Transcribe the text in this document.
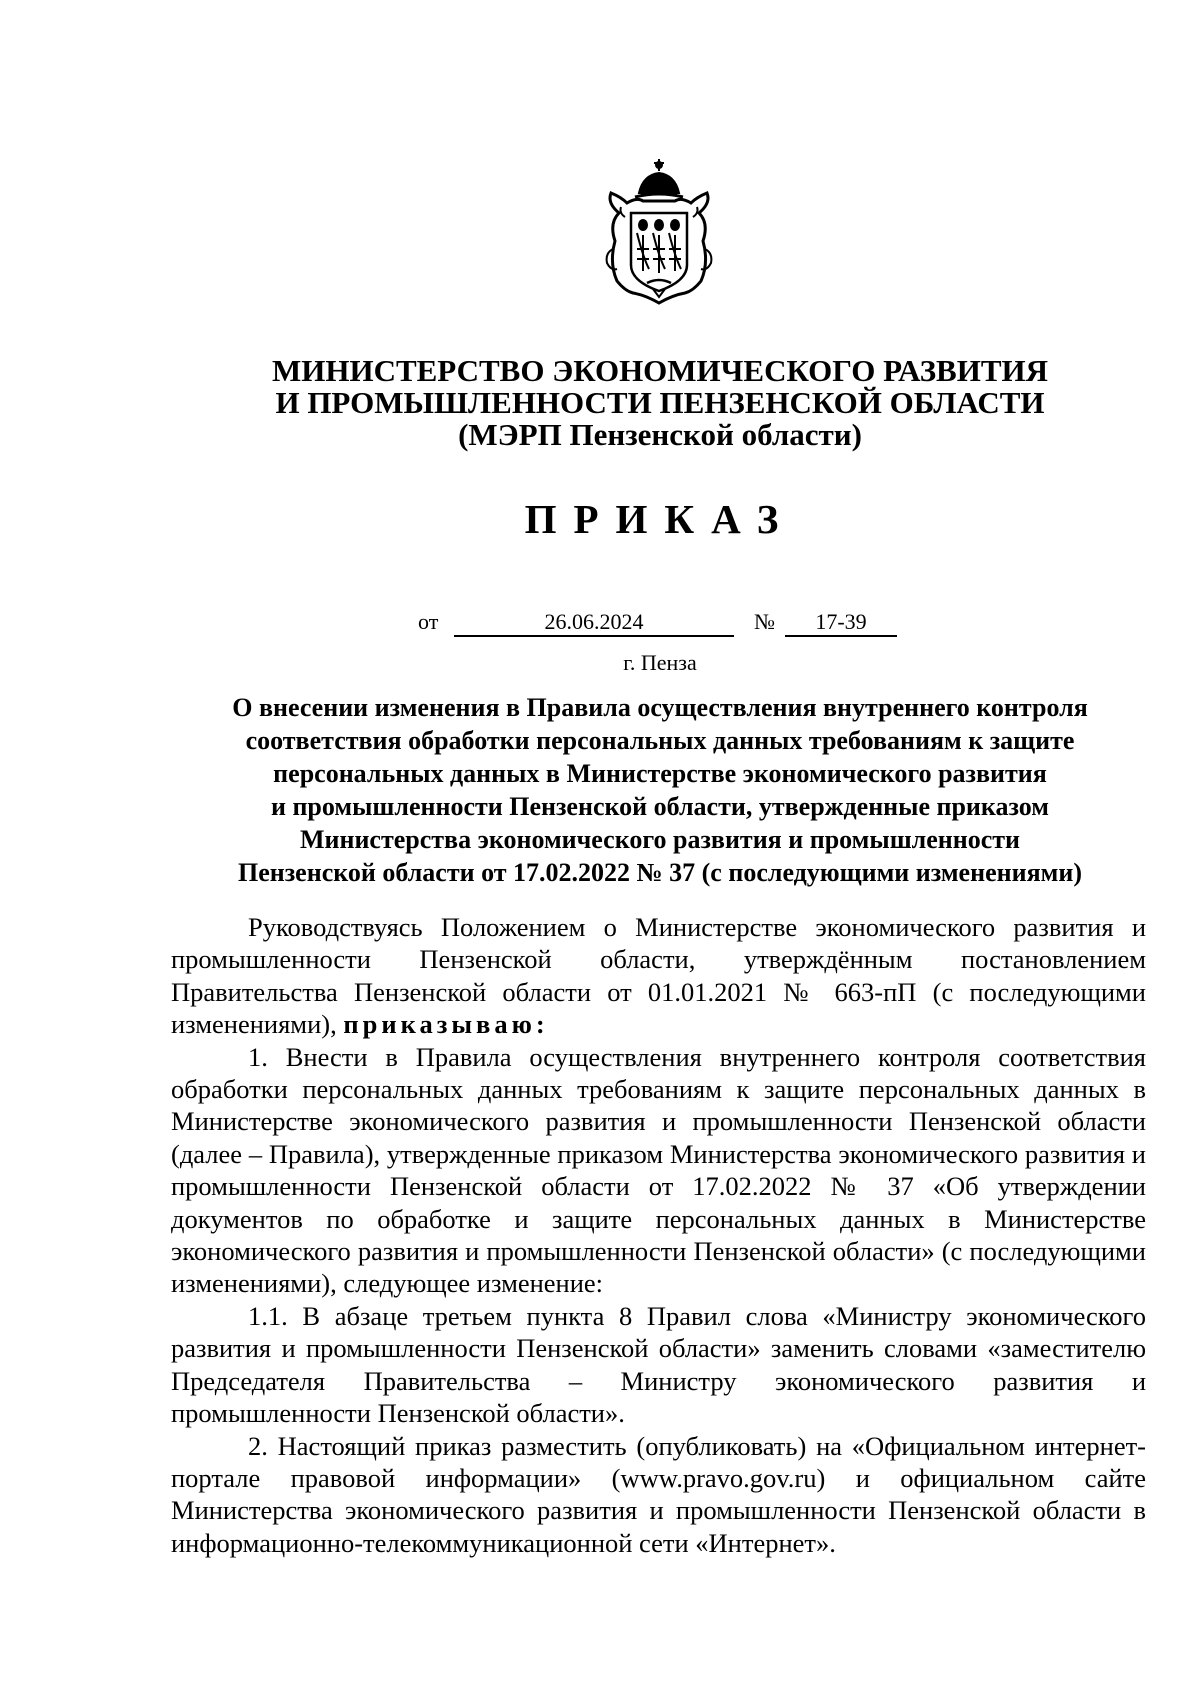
МИНИСТЕРСТВО ЭКОНОМИЧЕСКОГО РАЗВИТИЯ
И ПРОМЫШЛЕННОСТИ ПЕНЗЕНСКОЙ ОБЛАСТИ
(МЭРП Пензенской области)
ПРИКАЗ
от	26.06.2024	№	17-39
г. Пенза
О внесении изменения в Правила осуществления внутреннего контроля
соответствия обработки персональных данных требованиям к защите
персональных данных в Министерстве экономического развития
и промышленности Пензенской области, утвержденные приказом
Министерства экономического развития и промышленности
Пензенской области от 17.02.2022 № 37 (с последующими изменениями)

Руководствуясь Положением о Министерстве экономического развития и промышленности Пензенской области, утверждённым постановлением Правительства Пензенской области от 01.01.2021 № 663-пП (с последующими изменениями), приказываю:

1. Внести в Правила осуществления внутреннего контроля соответствия обработки персональных данных требованиям к защите персональных данных в Министерстве экономического развития и промышленности Пензенской области (далее – Правила), утвержденные приказом Министерства экономического развития и промышленности Пензенской области от 17.02.2022 № 37 «Об утверждении документов по обработке и защите персональных данных в Министерстве экономического развития и промышленности Пензенской области» (с последующими изменениями), следующее изменение:

1.1. В абзаце третьем пункта 8 Правил слова «Министру экономического развития и промышленности Пензенской области» заменить словами «заместителю Председателя Правительства – Министру экономического развития и промышленности Пензенской области».

2. Настоящий приказ разместить (опубликовать) на «Официальном интернет-портале правовой информации» (www.pravo.gov.ru) и официальном сайте Министерства экономического развития и промышленности Пензенской области в информационно-телекоммуникационной сети «Интернет».
